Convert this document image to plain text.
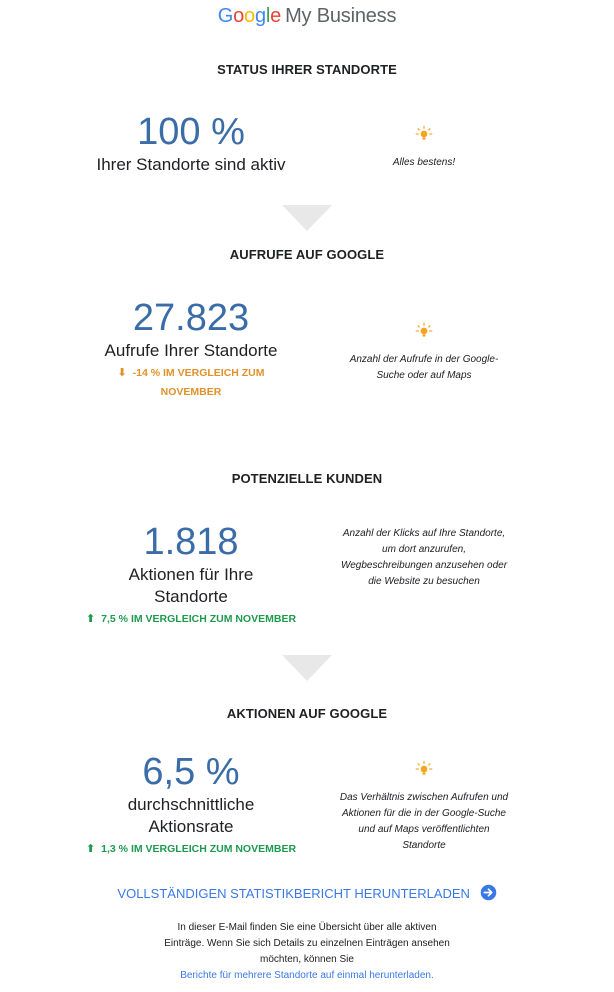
Google My Business
STATUS IHRER STANDORTE
100 %
Ihrer Standorte sind aktiv	Alles bestens!
AUFRUFE AUF GOOGLE
27.823
Aufrufe Ihrer Standorte
⬇ -14 % IM VERGLEICH ZUM
NOVEMBER
Anzahl der Aufrufe in der Google-
Suche oder auf Maps
POTENZIELLE KUNDEN
1.818
Aktionen für Ihre
Standorte
⬆ 7,5 % IM VERGLEICH ZUM NOVEMBER
Anzahl der Klicks auf Ihre Standorte,
um dort anzurufen,
Wegbeschreibungen anzusehen oder
die Website zu besuchen
AKTIONEN AUF GOOGLE
6,5 %
durchschnittliche
Aktionsrate
⬆ 1,3 % IM VERGLEICH ZUM NOVEMBER
Das Verhältnis zwischen Aufrufen und
Aktionen für die in der Google-Suche
und auf Maps veröffentlichten
Standorte
VOLLSTÄNDIGEN STATISTIKBERICHT HERUNTERLADEN
In dieser E-Mail finden Sie eine Übersicht über alle aktiven
Einträge. Wenn Sie sich Details zu einzelnen Einträgen ansehen
möchten, können Sie
Berichte für mehrere Standorte auf einmal herunterladen.
